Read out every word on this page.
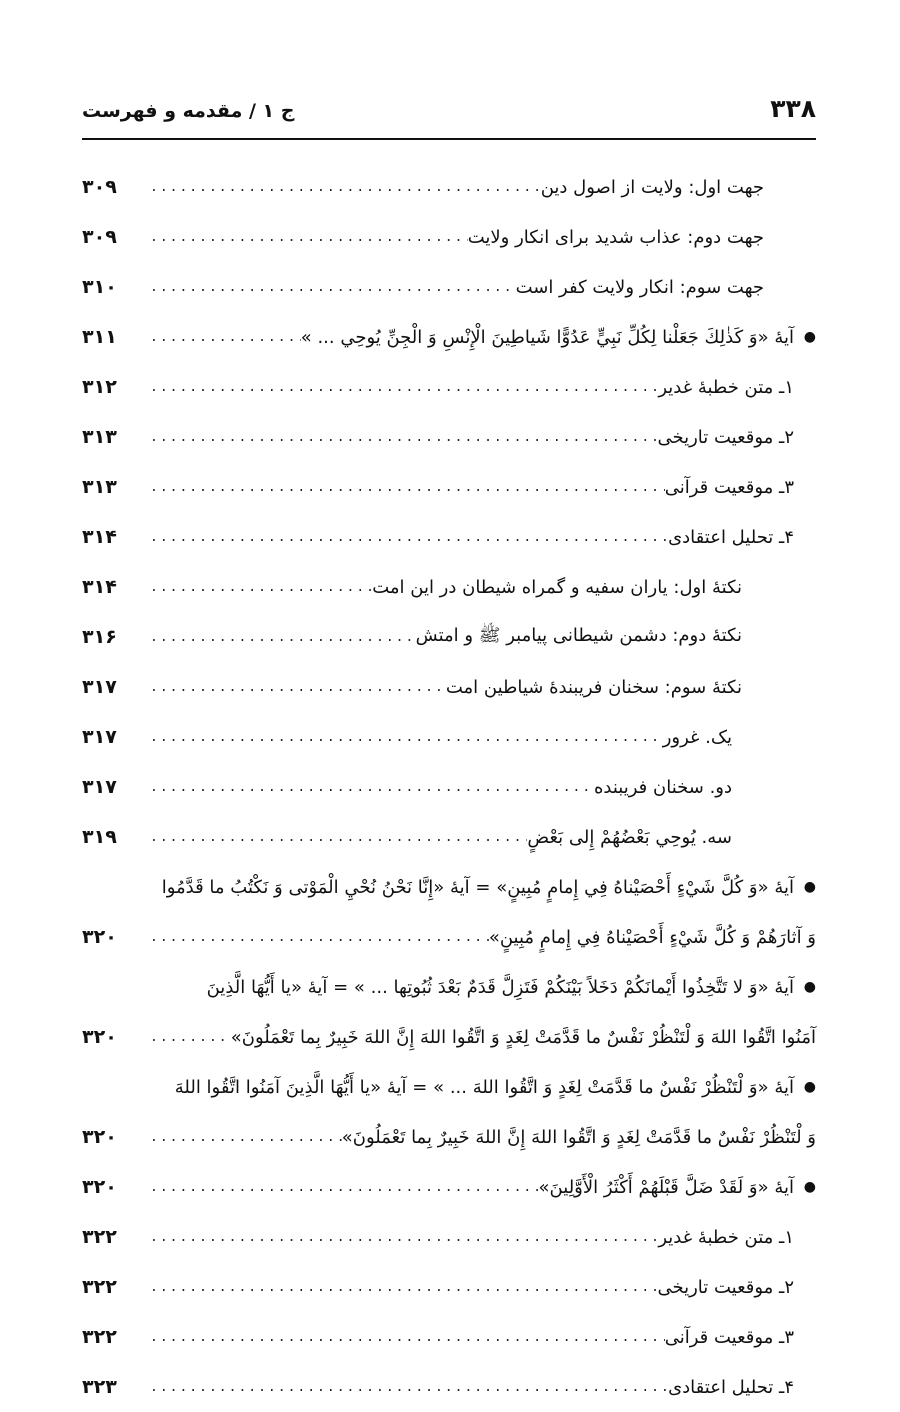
۳۳۸
ج ۱ / مقدمه و فهرست
جهت اول: ولایت از اصول دین
.....
۳۰۹
جهت دوم: عذاب شدید برای انکار ولایت
.....
۳۰۹
جهت سوم: انکار ولایت کفر است
.....
۳۱۰
●
آیهٔ «وَ كَذٰلِكَ جَعَلْنا لِكُلِّ نَبِيٍّ عَدُوًّا شَياطِينَ الْإِنْسِ وَ الْجِنِّ يُوحِي ... »
.....
۳۱۱
۱ـ متن خطبهٔ غدیر
.....
۳۱۲
۲ـ موقعیت تاریخی
.....
۳۱۳
۳ـ موقعیت قرآنی
.....
۳۱۳
۴ـ تحلیل اعتقادی
.....
۳۱۴
نکتهٔ اول: یاران سفیه و گمراه شیطان در این امت
.....
۳۱۴
نکتهٔ دوم: دشمن شیطانی پیامبر ﷺ و امتش
.....
۳۱۶
نکتهٔ سوم: سخنان فریبندهٔ شیاطین امت
.....
۳۱۷
یک. غرور
.....
۳۱۷
دو. سخنان فریبنده
.....
۳۱۷
سه. يُوحِي بَعْضُهُمْ إِلى بَعْضٍ
.....
۳۱۹
●
آیهٔ «وَ كُلَّ شَيْءٍ أَحْصَيْناهُ فِي إِمامٍ مُبِينٍ» = آیهٔ «إِنَّا نَحْنُ نُحْيِ الْمَوْتى وَ نَكْتُبُ ما قَدَّمُوا
وَ آثارَهُمْ وَ كُلَّ شَيْءٍ أَحْصَيْناهُ فِي إِمامٍ مُبِينٍ»
.....
۳۲۰
●
آیهٔ «وَ لا تَتَّخِذُوا أَيْمانَكُمْ دَخَلاً بَيْنَكُمْ فَتَزِلَّ قَدَمٌ بَعْدَ ثُبُوتِها ... » = آیهٔ «يا أَيُّهَا الَّذِينَ
آمَنُوا اتَّقُوا اللهَ وَ لْتَنْظُرْ نَفْسٌ ما قَدَّمَتْ لِغَدٍ وَ اتَّقُوا اللهَ إِنَّ اللهَ خَبِيرٌ بِما تَعْمَلُونَ»
.....
۳۲۰
●
آیهٔ «وَ لْتَنْظُرْ نَفْسٌ ما قَدَّمَتْ لِغَدٍ وَ اتَّقُوا اللهَ ... » = آیهٔ «يا أَيُّهَا الَّذِينَ آمَنُوا اتَّقُوا اللهَ
وَ لْتَنْظُرْ نَفْسٌ ما قَدَّمَتْ لِغَدٍ وَ اتَّقُوا اللهَ إِنَّ اللهَ خَبِيرٌ بِما تَعْمَلُونَ»
.....
۳۲۰
●
آیهٔ «وَ لَقَدْ ضَلَّ قَبْلَهُمْ أَكْثَرُ الْأَوَّلِينَ»
.....
۳۲۰
۱ـ متن خطبهٔ غدیر
.....
۳۲۲
۲ـ موقعیت تاریخی
.....
۳۲۲
۳ـ موقعیت قرآنی
.....
۳۲۲
۴ـ تحلیل اعتقادی
.....
۳۲۳
